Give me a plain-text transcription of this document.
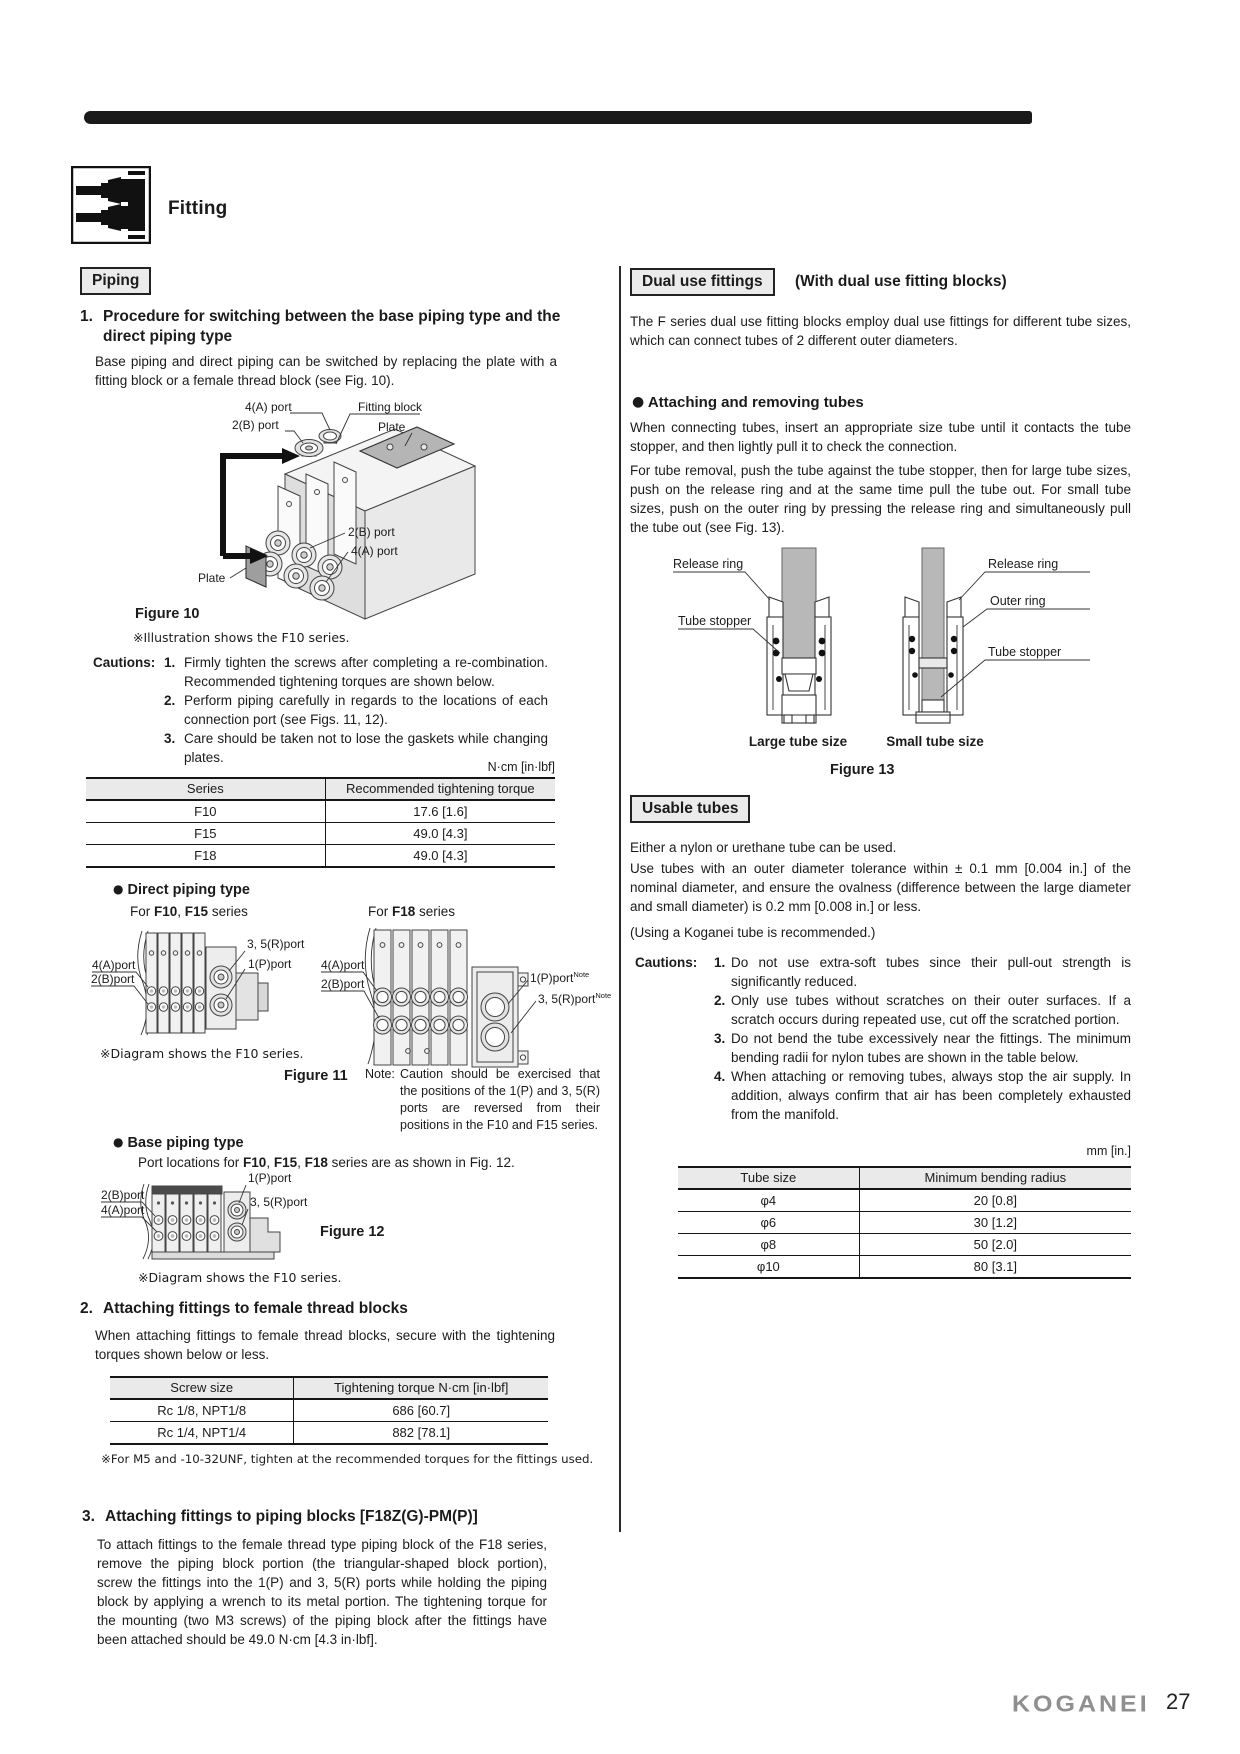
Fitting
Piping
1. Procedure for switching between the base piping type and the direct piping type
Base piping and direct piping can be switched by replacing the plate with a fitting block or a female thread block (see Fig. 10).
4(A) port	Fitting block
2(B) port	Plate
2(B) port
4(A) port
Plate
Figure 10
※Illustration shows the F10 series.
Cautions: 1. Firmly tighten the screws after completing a re-combination. Recommended tightening torques are shown below.
2. Perform piping carefully in regards to the locations of each connection port (see Figs. 11, 12).
3. Care should be taken not to lose the gaskets while changing plates.
N·cm [in·lbf]
Series	Recommended tightening torque
F10	17.6 [1.6]
F15	49.0 [4.3]
F18	49.0 [4.3]
● Direct piping type
For F10, F15 series	For F18 series
3, 5(R)port
1(P)port
4(A)port
2(B)port
4(A)port
2(B)port	1(P)port$^{Note}$
3, 5(R)port$^{Note}$
※Diagram shows the F10 series.
Figure 11 Note: Caution should be exercised that the positions of the 1(P) and 3, 5(R) ports are reversed from their positions in the F10 and F15 series.
● Base piping type
Port locations for F10, F15, F18 series are as shown in Fig. 12.
1(P)port
3, 5(R)port
2(B)port
4(A)port
Figure 12
※Diagram shows the F10 series.
2. Attaching fittings to female thread blocks
When attaching fittings to female thread blocks, secure with the tightening torques shown below or less.
Screw size	Tightening torque N·cm [in·lbf]
Rc 1/8, NPT1/8	686 [60.7]
Rc 1/4, NPT1/4	882 [78.1]
※For M5 and -10-32UNF, tighten at the recommended torques for the fittings used.
3. Attaching fittings to piping blocks [F18Z(G)-PM(P)]
To attach fittings to the female thread type piping block of the F18 series, remove the piping block portion (the triangular-shaped block portion), screw the fittings into the 1(P) and 3, 5(R) ports while holding the piping block by applying a wrench to its metal portion. The tightening torque for the mounting (two M3 screws) of the piping block after the fittings have been attached should be 49.0 N·cm [4.3 in·lbf].
Dual use fittings	(With dual use fitting blocks)
The F series dual use fitting blocks employ dual use fittings for different tube sizes, which can connect tubes of 2 different outer diameters.
● Attaching and removing tubes
When connecting tubes, insert an appropriate size tube until it contacts the tube stopper, and then lightly pull it to check the connection.
For tube removal, push the tube against the tube stopper, then for large tube sizes, push on the release ring and at the same time pull the tube out. For small tube sizes, push on the outer ring by pressing the release ring and simultaneously pull the tube out (see Fig. 13).
Release ring
Tube stopper
Release ring
Outer ring
Tube stopper
Large tube size	Small tube size
Figure 13
Usable tubes
Either a nylon or urethane tube can be used.
Use tubes with an outer diameter tolerance within ± 0.1 mm [0.004 in.] of the nominal diameter, and ensure the ovalness (difference between the large diameter and small diameter) is 0.2 mm [0.008 in.] or less.
(Using a Koganei tube is recommended.)
Cautions: 1. Do not use extra-soft tubes since their pull-out strength is significantly reduced.
2. Only use tubes without scratches on their outer surfaces. If a scratch occurs during repeated use, cut off the scratched portion.
3. Do not bend the tube excessively near the fittings. The minimum bending radii for nylon tubes are shown in the table below.
4. When attaching or removing tubes, always stop the air supply. In addition, always confirm that air has been completely exhausted from the manifold.
mm [in.]
Tube size	Minimum bending radius
φ4	20 [0.8]
φ6	30 [1.2]
φ8	50 [2.0]
φ10	80 [3.1]
KOGANEI 27
